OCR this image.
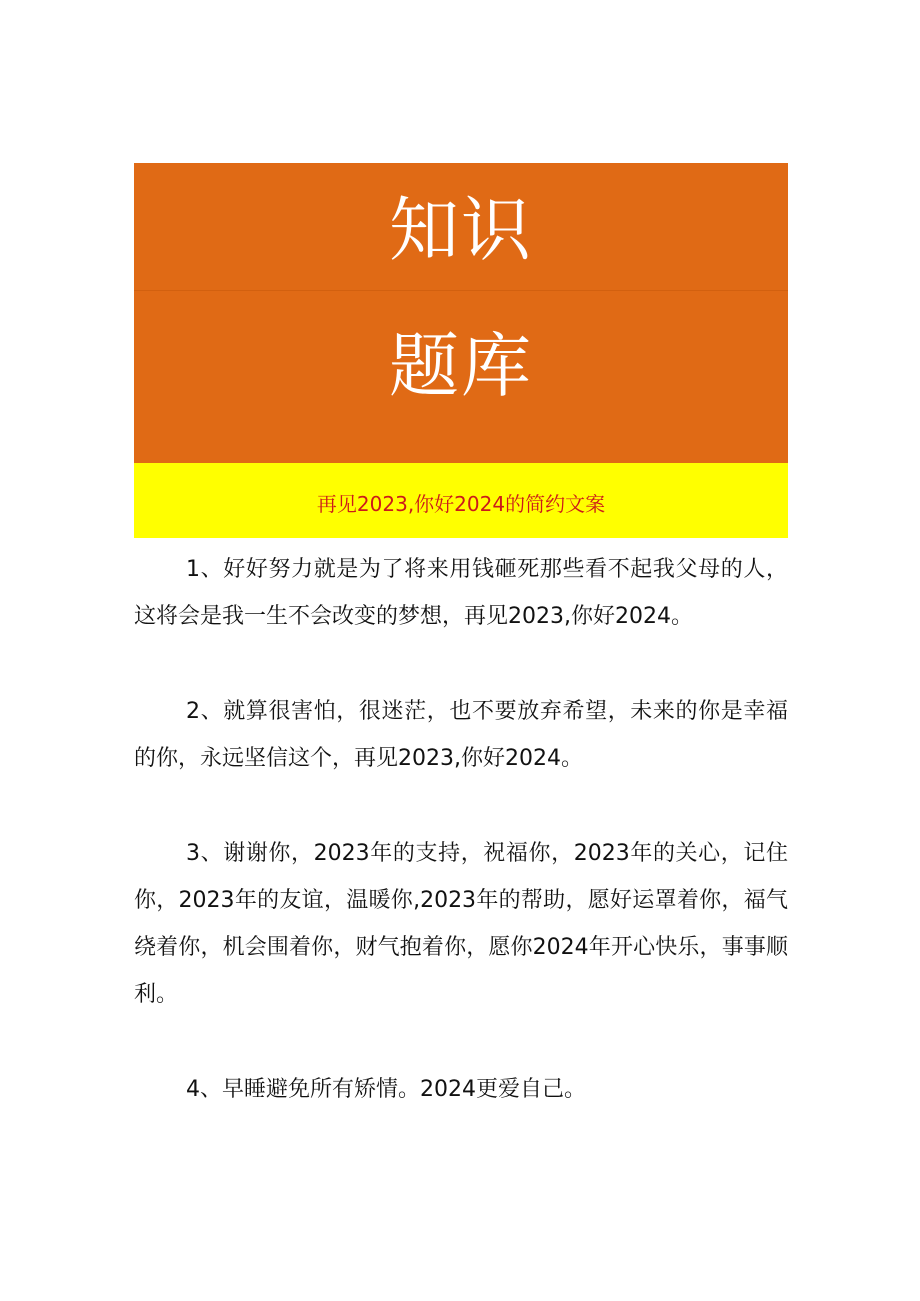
知识
题库
再见2023,你好2024的简约文案

1、好好努力就是为了将来用钱砸死那些看不起我父母的人，这将会是我一生不会改变的梦想，再见2023,你好2024。

2、就算很害怕，很迷茫，也不要放弃希望，未来的你是幸福的你，永远坚信这个，再见2023,你好2024。

3、谢谢你，2023年的支持，祝福你，2023年的关心，记住你，2023年的友谊，温暖你,2023年的帮助，愿好运罩着你，福气绕着你，机会围着你，财气抱着你，愿你2024年开心快乐，事事顺利。

4、早睡避免所有矫情。2024更爱自己。
